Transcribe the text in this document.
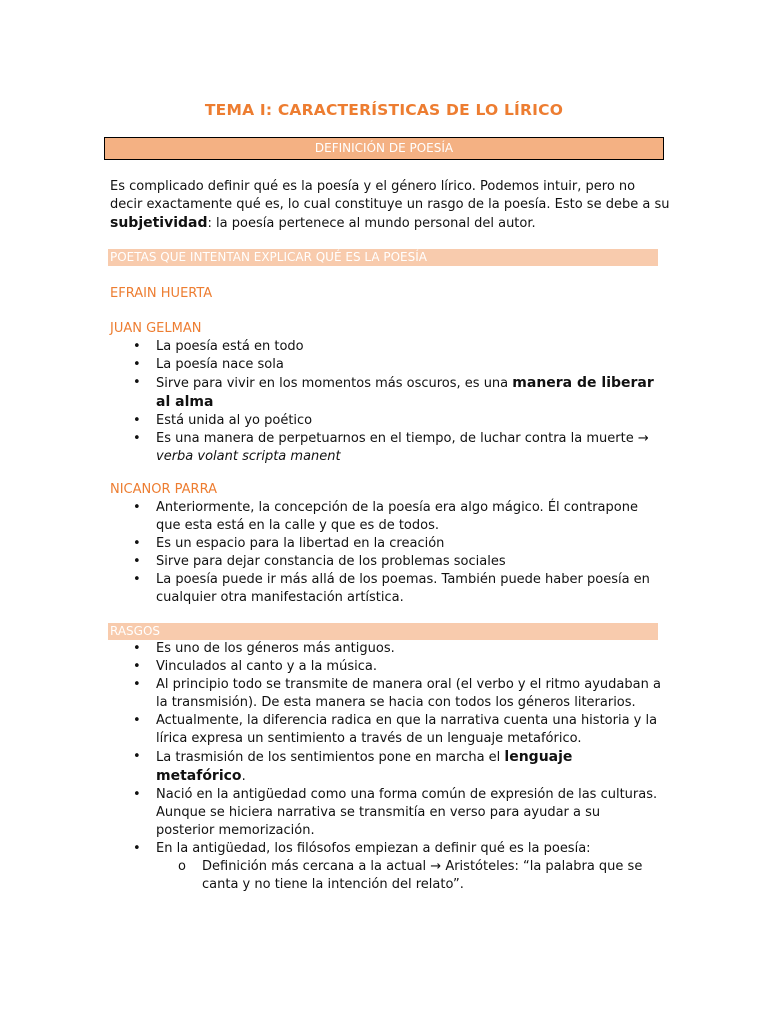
TEMA I: CARACTERÍSTICAS DE LO LÍRICO
DEFINICIÓN DE POESÍA
Es complicado definir qué es la poesía y el género lírico. Podemos intuir, pero no decir exactamente qué es, lo cual constituye un rasgo de la poesía. Esto se debe a su subjetividad: la poesía pertenece al mundo personal del autor.
POETAS QUE INTENTAN EXPLICAR QUÉ ES LA POESÍA
EFRAIN HUERTA
JUAN GELMAN
• La poesía está en todo
• La poesía nace sola
• Sirve para vivir en los momentos más oscuros, es una manera de liberar al alma
• Está unida al yo poético
• Es una manera de perpetuarnos en el tiempo, de luchar contra la muerte → verba volant scripta manent
NICANOR PARRA
• Anteriormente, la concepción de la poesía era algo mágico. Él contrapone que esta está en la calle y que es de todos.
• Es un espacio para la libertad en la creación
• Sirve para dejar constancia de los problemas sociales
• La poesía puede ir más allá de los poemas. También puede haber poesía en cualquier otra manifestación artística.
RASGOS
• Es uno de los géneros más antiguos.
• Vinculados al canto y a la música.
• Al principio todo se transmite de manera oral (el verbo y el ritmo ayudaban a la transmisión). De esta manera se hacia con todos los géneros literarios.
• Actualmente, la diferencia radica en que la narrativa cuenta una historia y la lírica expresa un sentimiento a través de un lenguaje metafórico.
• La trasmisión de los sentimientos pone en marcha el lenguaje metafórico.
• Nació en la antigüedad como una forma común de expresión de las culturas. Aunque se hiciera narrativa se transmitía en verso para ayudar a su posterior memorización.
• En la antigüedad, los filósofos empiezan a definir qué es la poesía:
o Definición más cercana a la actual → Aristóteles: “la palabra que se canta y no tiene la intención del relato”.
